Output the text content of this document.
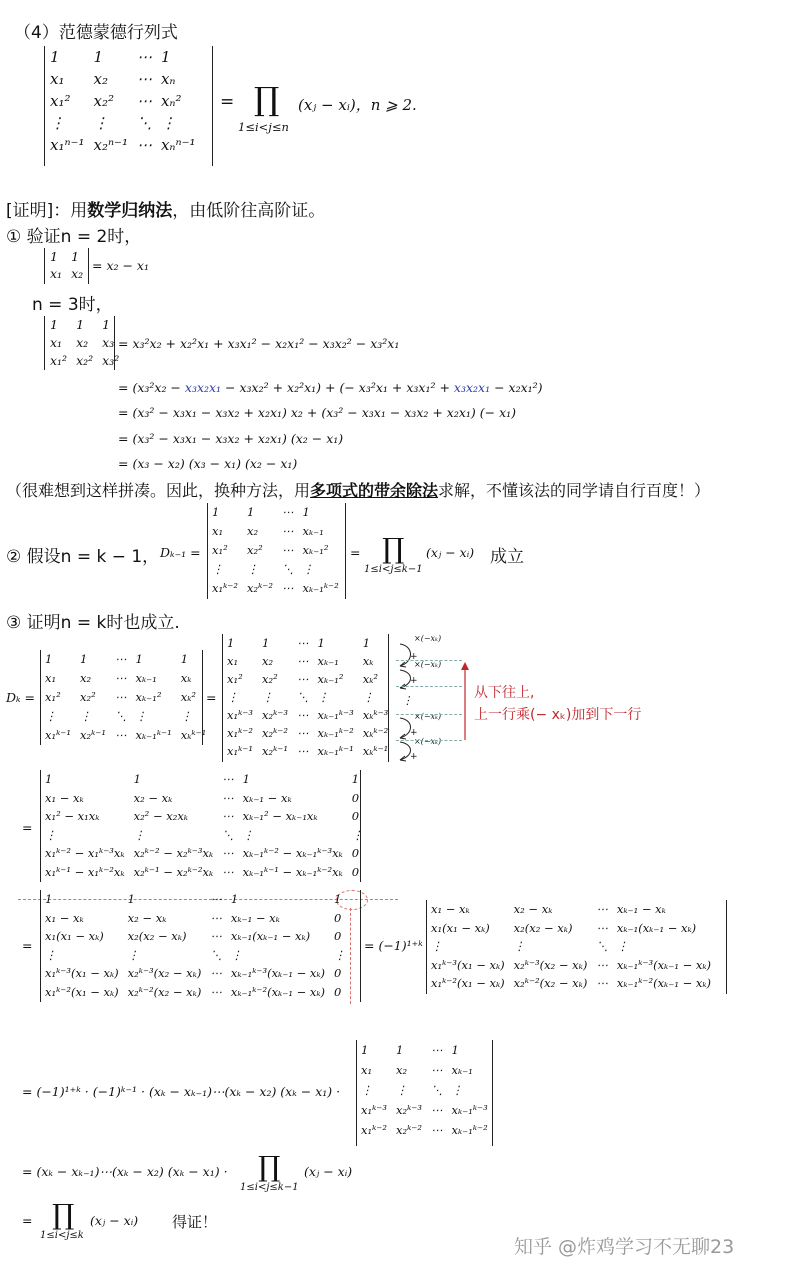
（4）范德蒙德行列式
1	1	⋯	1
x₁	x₂	⋯	xₙ
x₁²	x₂²	⋯	xₙ²
⋮	⋮	⋱	⋮
x₁ⁿ⁻¹	x₂ⁿ⁻¹	⋯	xₙⁿ⁻¹
= ∏
1≤i<j≤n
(xⱼ − xᵢ)，n ⩾ 2.
[证明]：用数学归纳法，由低阶往高阶证。
① 验证n = 2时，
1	1
x₁	x₂
= x₂ − x₁
n = 3时，
1	1	1
x₁	x₂	x₃
x₁²	x₂²	x₃²
= x₃²x₂ + x₂²x₁ + x₃x₁² − x₂x₁² − x₃x₂² − x₃²x₁
= (x₃²x₂ − x₃x₂x₁ − x₃x₂² + x₂²x₁) + (− x₃²x₁ + x₃x₁² + x₃x₂x₁ − x₂x₁²)
= (x₃² − x₃x₁ − x₃x₂ + x₂x₁) x₂ + (x₃² − x₃x₁ − x₃x₂ + x₂x₁) (− x₁)
= (x₃² − x₃x₁ − x₃x₂ + x₂x₁) (x₂ − x₁)
= (x₃ − x₂) (x₃ − x₁) (x₂ − x₁)
（很难想到这样拼凑。因此，换种方法，用多项式的带余除法求解，不懂该法的同学请自行百度！）
② 假设n = k − 1， Dₖ₋₁ =
1	1	⋯	1
x₁	x₂	⋯	xₖ₋₁
x₁²	x₂²	⋯	xₖ₋₁²
⋮	⋮	⋱	⋮
x₁ᵏ⁻²	x₂ᵏ⁻²	⋯	xₖ₋₁ᵏ⁻²
= ∏
1≤i<j≤k−1
(xⱼ − xᵢ) 成立
③ 证明n = k时也成立.
Dₖ =
1	1	⋯	1	1
x₁	x₂	⋯	xₖ₋₁	xₖ
x₁²	x₂²	⋯	xₖ₋₁²	xₖ²
⋮	⋮	⋱	⋮	⋮
x₁ᵏ⁻¹	x₂ᵏ⁻¹	⋯	xₖ₋₁ᵏ⁻¹	xₖᵏ⁻¹
=
1	1	⋯	1	1
x₁	x₂	⋯	xₖ₋₁	xₖ
x₁²	x₂²	⋯	xₖ₋₁²	xₖ²
⋮	⋮	⋱	⋮	⋮
x₁ᵏ⁻³	x₂ᵏ⁻³	⋯	xₖ₋₁ᵏ⁻³	xₖᵏ⁻³
x₁ᵏ⁻²	x₂ᵏ⁻²	⋯	xₖ₋₁ᵏ⁻²	xₖᵏ⁻²
x₁ᵏ⁻¹	x₂ᵏ⁻¹	⋯	xₖ₋₁ᵏ⁻¹	xₖᵏ⁻¹
×(−xₖ)
+
×(−xₖ)
+
⋮
×(−xₖ)
+
×(−xₖ)
+
从下往上,
上一行乘(− xₖ)加到下一行
=
1	1	⋯	1	1
x₁ − xₖ	x₂ − xₖ	⋯	xₖ₋₁ − xₖ	0
x₁² − x₁xₖ	x₂² − x₂xₖ	⋯	xₖ₋₁² − xₖ₋₁xₖ	0
⋮	⋮	⋱	⋮	⋮
x₁ᵏ⁻² − x₁ᵏ⁻³xₖ	x₂ᵏ⁻² − x₂ᵏ⁻³xₖ	⋯	xₖ₋₁ᵏ⁻² − xₖ₋₁ᵏ⁻³xₖ	0
x₁ᵏ⁻¹ − x₁ᵏ⁻²xₖ	x₂ᵏ⁻¹ − x₂ᵏ⁻²xₖ	⋯	xₖ₋₁ᵏ⁻¹ − xₖ₋₁ᵏ⁻²xₖ	0
=
1	1	⋯	1	1
x₁ − xₖ	x₂ − xₖ	⋯	xₖ₋₁ − xₖ	0
x₁(x₁ − xₖ)	x₂(x₂ − xₖ)	⋯	xₖ₋₁(xₖ₋₁ − xₖ)	0
⋮	⋮	⋱	⋮	⋮
x₁ᵏ⁻³(x₁ − xₖ)	x₂ᵏ⁻³(x₂ − xₖ)	⋯	xₖ₋₁ᵏ⁻³(xₖ₋₁ − xₖ)	0
x₁ᵏ⁻²(x₁ − xₖ)	x₂ᵏ⁻²(x₂ − xₖ)	⋯	xₖ₋₁ᵏ⁻²(xₖ₋₁ − xₖ)	0
= (−1)¹⁺ᵏ
x₁ − xₖ	x₂ − xₖ	⋯	xₖ₋₁ − xₖ
x₁(x₁ − xₖ)	x₂(x₂ − xₖ)	⋯	xₖ₋₁(xₖ₋₁ − xₖ)
⋮	⋮	⋱	⋮
x₁ᵏ⁻³(x₁ − xₖ)	x₂ᵏ⁻³(x₂ − xₖ)	⋯	xₖ₋₁ᵏ⁻³(xₖ₋₁ − xₖ)
x₁ᵏ⁻²(x₁ − xₖ)	x₂ᵏ⁻²(x₂ − xₖ)	⋯	xₖ₋₁ᵏ⁻²(xₖ₋₁ − xₖ)
= (−1)¹⁺ᵏ · (−1)ᵏ⁻¹ · (xₖ − xₖ₋₁)⋯(xₖ − x₂) (xₖ − x₁) ·
1	1	⋯	1
x₁	x₂	⋯	xₖ₋₁
⋮	⋮	⋱	⋮
x₁ᵏ⁻³	x₂ᵏ⁻³	⋯	xₖ₋₁ᵏ⁻³
x₁ᵏ⁻²	x₂ᵏ⁻²	⋯	xₖ₋₁ᵏ⁻²
= (xₖ − xₖ₋₁)⋯(xₖ − x₂) (xₖ − x₁) · ∏
1≤i<j≤k−1
(xⱼ − xᵢ)
= ∏
1≤i<j≤k
(xⱼ − xᵢ) 得证！
知乎 @炸鸡学习不无聊23
